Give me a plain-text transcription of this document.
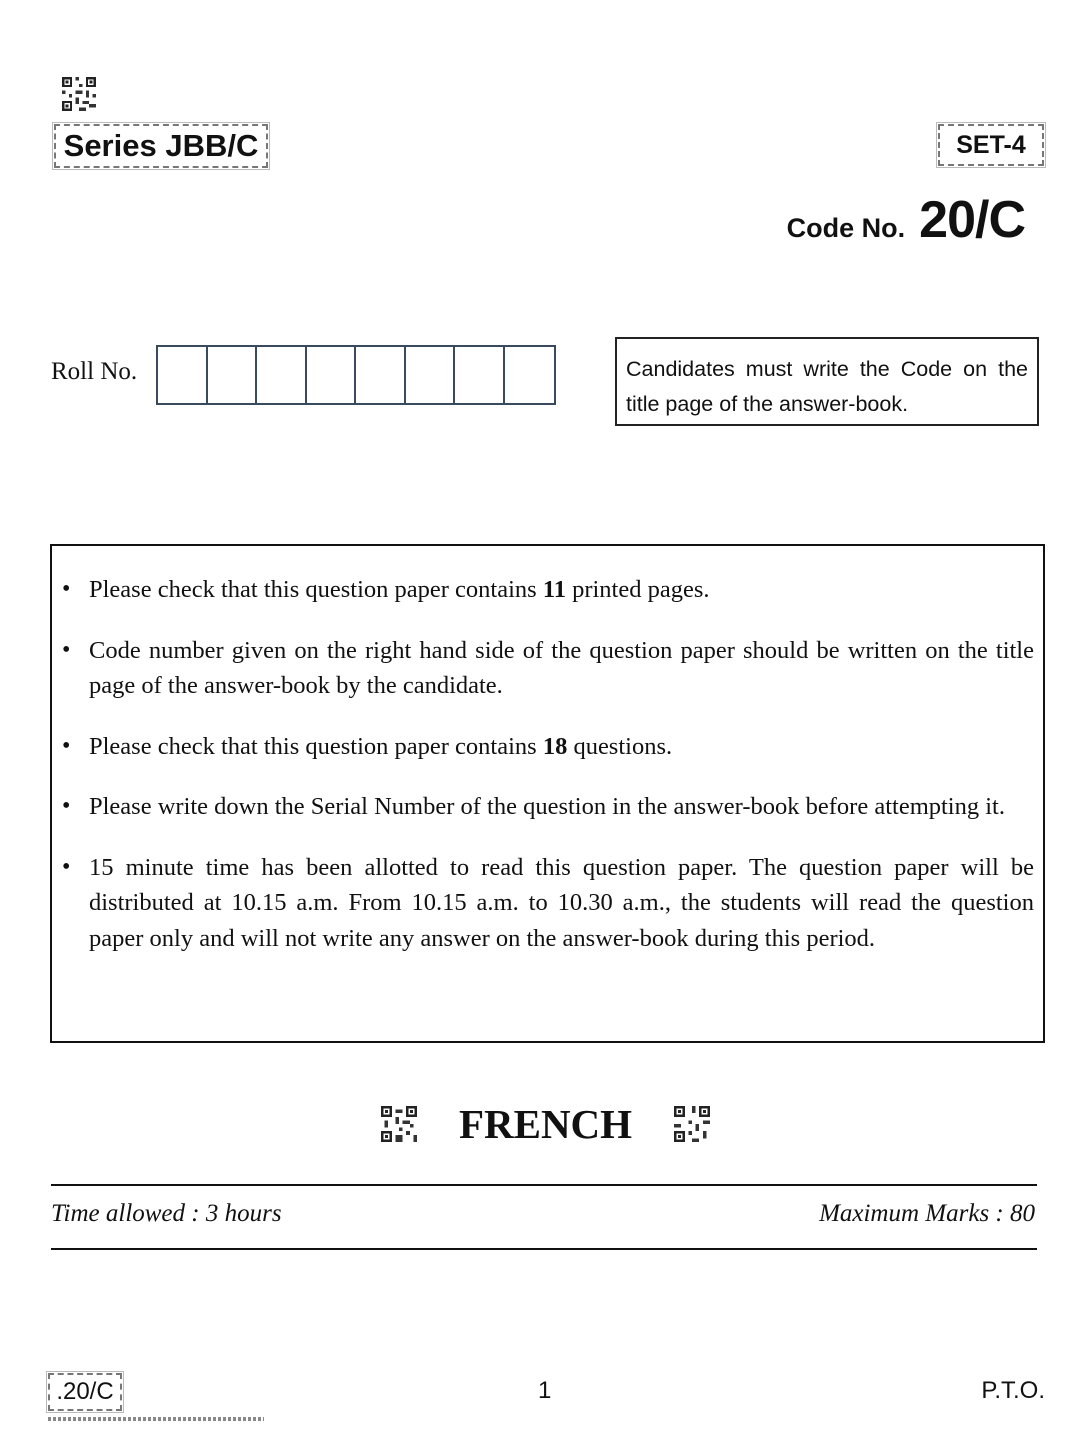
Series JBB/C	SET-4
Code No. 20/C
Roll No.	Candidates must write the Code on the title page of the answer-book.
• Please check that this question paper contains 11 printed pages.
• Code number given on the right hand side of the question paper should be written on the title page of the answer-book by the candidate.
• Please check that this question paper contains 18 questions.
• Please write down the Serial Number of the question in the answer-book before attempting it.
• 15 minute time has been allotted to read this question paper. The question paper will be distributed at 10.15 a.m. From 10.15 a.m. to 10.30 a.m., the students will read the question paper only and will not write any answer on the answer-book during this period.
FRENCH
Time allowed : 3 hours	Maximum Marks : 80
.20/C	1	P.T.O.
